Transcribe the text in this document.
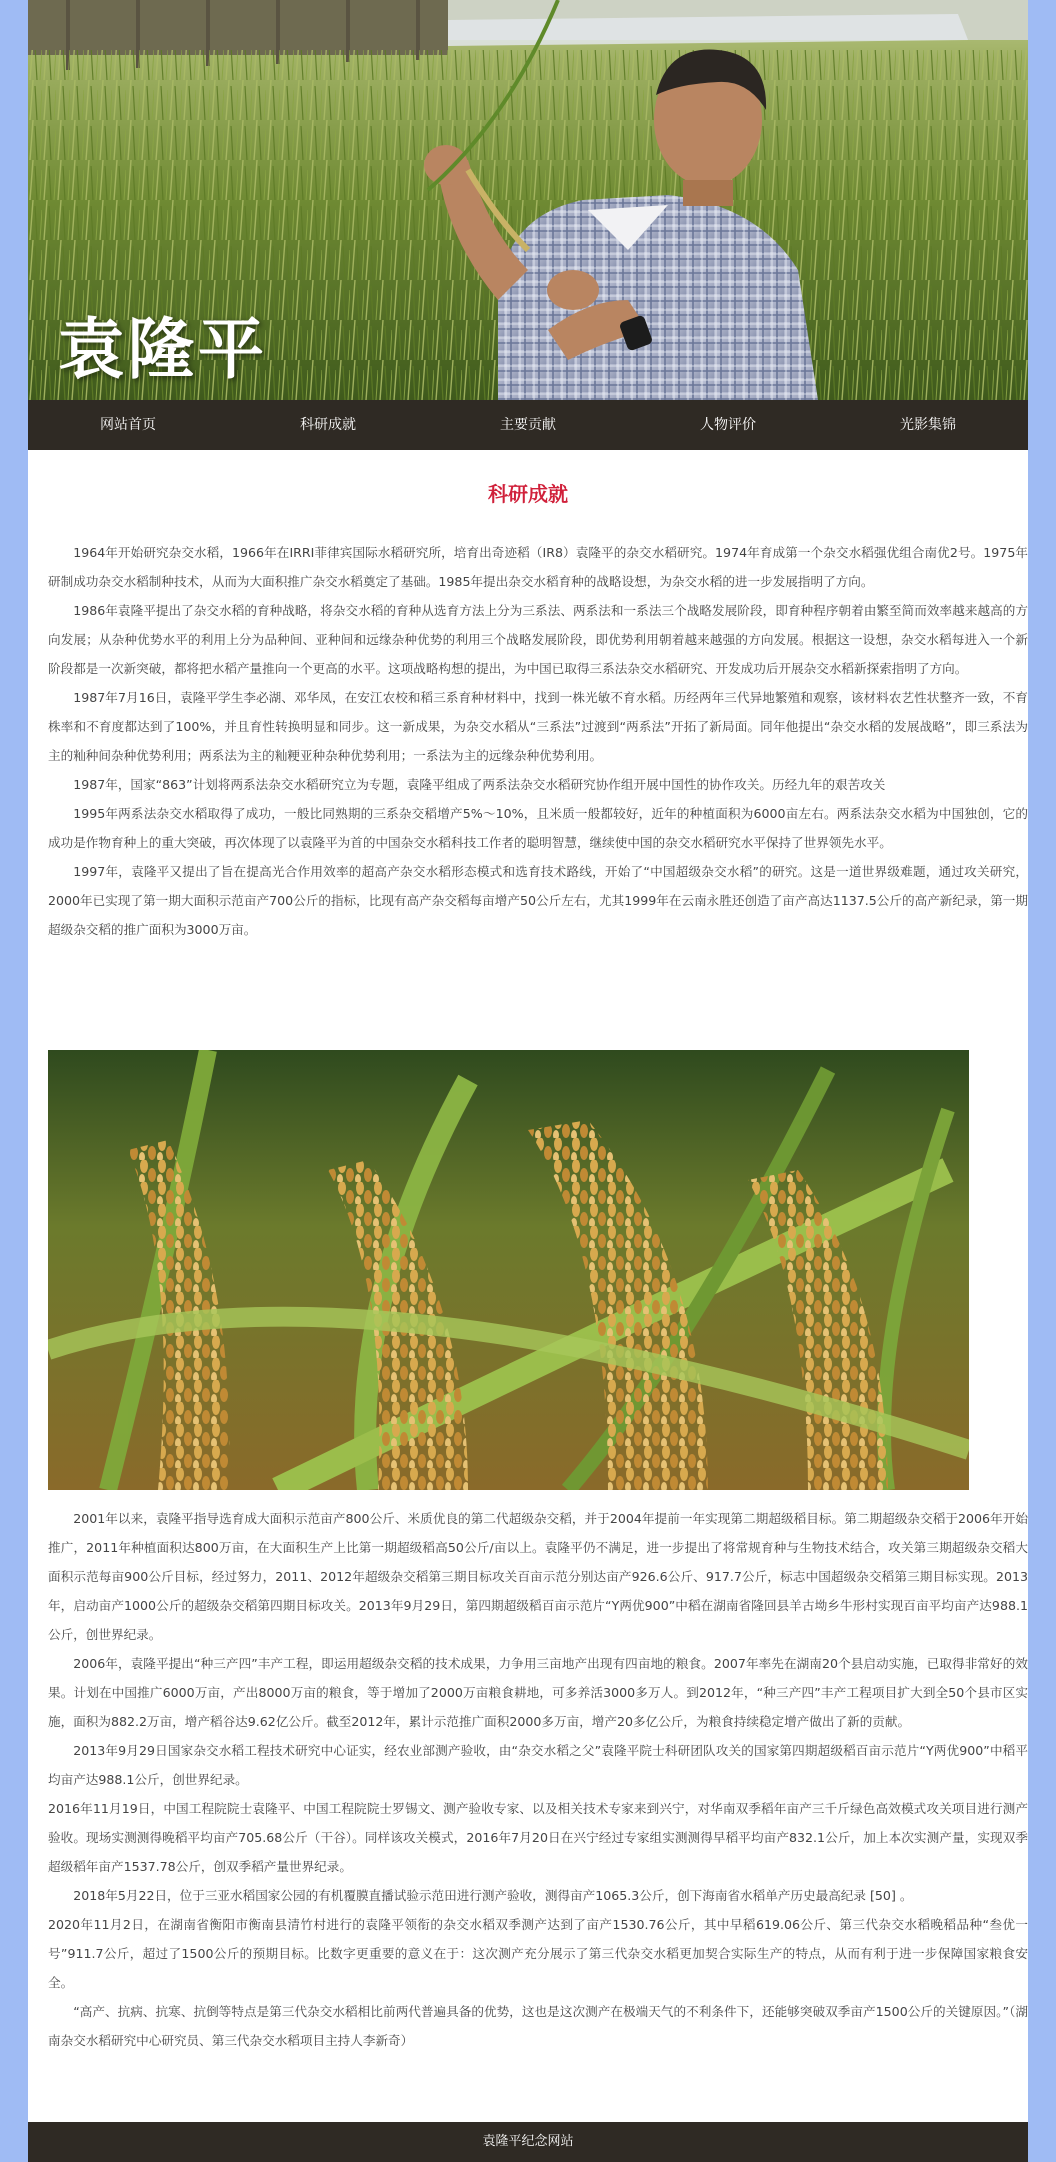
袁隆平
网站首页	科研成就	主要贡献	人物评价	光影集锦
科研成就

1964年开始研究杂交水稻，1966年在IRRI菲律宾国际水稻研究所，培育出奇迹稻（IR8）袁隆平的杂交水稻研究。1974年育成第一个杂交水稻强优组合南优2号。1975年研制成功杂交水稻制种技术，从而为大面积推广杂交水稻奠定了基础。1985年提出杂交水稻育种的战略设想，为杂交水稻的进一步发展指明了方向。

1986年袁隆平提出了杂交水稻的育种战略，将杂交水稻的育种从选育方法上分为三系法、两系法和一系法三个战略发展阶段，即育种程序朝着由繁至简而效率越来越高的方向发展；从杂种优势水平的利用上分为品种间、亚种间和远缘杂种优势的利用三个战略发展阶段，即优势利用朝着越来越强的方向发展。根据这一设想，杂交水稻每进入一个新阶段都是一次新突破，都将把水稻产量推向一个更高的水平。这项战略构想的提出，为中国已取得三系法杂交水稻研究、开发成功后开展杂交水稻新探索指明了方向。

1987年7月16日，袁隆平学生李必湖、邓华凤，在安江农校和稻三系育种材料中，找到一株光敏不育水稻。历经两年三代异地繁殖和观察，该材料农艺性状整齐一致，不育株率和不育度都达到了100%，并且育性转换明显和同步。这一新成果，为杂交水稻从“三系法”过渡到“两系法”开拓了新局面。同年他提出“杂交水稻的发展战略”，即三系法为主的籼种间杂种优势利用；两系法为主的籼粳亚种杂种优势利用；一系法为主的远缘杂种优势利用。

1987年，国家“863”计划将两系法杂交水稻研究立为专题，袁隆平组成了两系法杂交水稻研究协作组开展中国性的协作攻关。历经九年的艰苦攻关

1995年两系法杂交水稻取得了成功，一般比同熟期的三系杂交稻增产5%～10%，且米质一般都较好，近年的种植面积为6000亩左右。两系法杂交水稻为中国独创，它的成功是作物育种上的重大突破，再次体现了以袁隆平为首的中国杂交水稻科技工作者的聪明智慧，继续使中国的杂交水稻研究水平保持了世界领先水平。

1997年，袁隆平又提出了旨在提高光合作用效率的超高产杂交水稻形态模式和选育技术路线，开始了“中国超级杂交水稻”的研究。这是一道世界级难题，通过攻关研究，2000年已实现了第一期大面积示范亩产700公斤的指标，比现有高产杂交稻每亩增产50公斤左右，尤其1999年在云南永胜还创造了亩产高达1137.5公斤的高产新纪录，第一期超级杂交稻的推广面积为3000万亩。

2001年以来，袁隆平指导选育成大面积示范亩产800公斤、米质优良的第二代超级杂交稻，并于2004年提前一年实现第二期超级稻目标。第二期超级杂交稻于2006年开始推广，2011年种植面积达800万亩，在大面积生产上比第一期超级稻高50公斤/亩以上。袁隆平仍不满足，进一步提出了将常规育种与生物技术结合，攻关第三期超级杂交稻大面积示范每亩900公斤目标，经过努力，2011、2012年超级杂交稻第三期目标攻关百亩示范分别达亩产926.6公斤、917.7公斤，标志中国超级杂交稻第三期目标实现。2013年，启动亩产1000公斤的超级杂交稻第四期目标攻关。2013年9月29日，第四期超级稻百亩示范片“Y两优900”中稻在湖南省隆回县羊古坳乡牛形村实现百亩平均亩产达988.1公斤，创世界纪录。

2006年，袁隆平提出“种三产四”丰产工程，即运用超级杂交稻的技术成果，力争用三亩地产出现有四亩地的粮食。2007年率先在湖南20个县启动实施，已取得非常好的效果。计划在中国推广6000万亩，产出8000万亩的粮食，等于增加了2000万亩粮食耕地，可多养活3000多万人。到2012年，“种三产四”丰产工程项目扩大到全50个县市区实施，面积为882.2万亩，增产稻谷达9.62亿公斤。截至2012年，累计示范推广面积2000多万亩，增产20多亿公斤，为粮食持续稳定增产做出了新的贡献。

2013年9月29日国家杂交水稻工程技术研究中心证实，经农业部测产验收，由“杂交水稻之父”袁隆平院士科研团队攻关的国家第四期超级稻百亩示范片“Y两优900”中稻平均亩产达988.1公斤，创世界纪录。

2016年11月19日，中国工程院院士袁隆平、中国工程院院士罗锡文、测产验收专家、以及相关技术专家来到兴宁，对华南双季稻年亩产三千斤绿色高效模式攻关项目进行测产验收。现场实测测得晚稻平均亩产705.68公斤（干谷）。同样该攻关模式，2016年7月20日在兴宁经过专家组实测测得早稻平均亩产832.1公斤，加上本次实测产量，实现双季超级稻年亩产1537.78公斤，创双季稻产量世界纪录。

2018年5月22日，位于三亚水稻国家公园的有机覆膜直播试验示范田进行测产验收，测得亩产1065.3公斤，创下海南省水稻单产历史最高纪录 [50] 。

2020年11月2日，在湖南省衡阳市衡南县清竹村进行的袁隆平领衔的杂交水稻双季测产达到了亩产1530.76公斤，其中早稻619.06公斤、第三代杂交水稻晚稻品种“叁优一号”911.7公斤，超过了1500公斤的预期目标。比数字更重要的意义在于：这次测产充分展示了第三代杂交水稻更加契合实际生产的特点，从而有利于进一步保障国家粮食安全。

“高产、抗病、抗寒、抗倒等特点是第三代杂交水稻相比前两代普遍具备的优势，这也是这次测产在极端天气的不利条件下，还能够突破双季亩产1500公斤的关键原因。”（湖南杂交水稻研究中心研究员、第三代杂交水稻项目主持人李新奇）

袁隆平纪念网站
